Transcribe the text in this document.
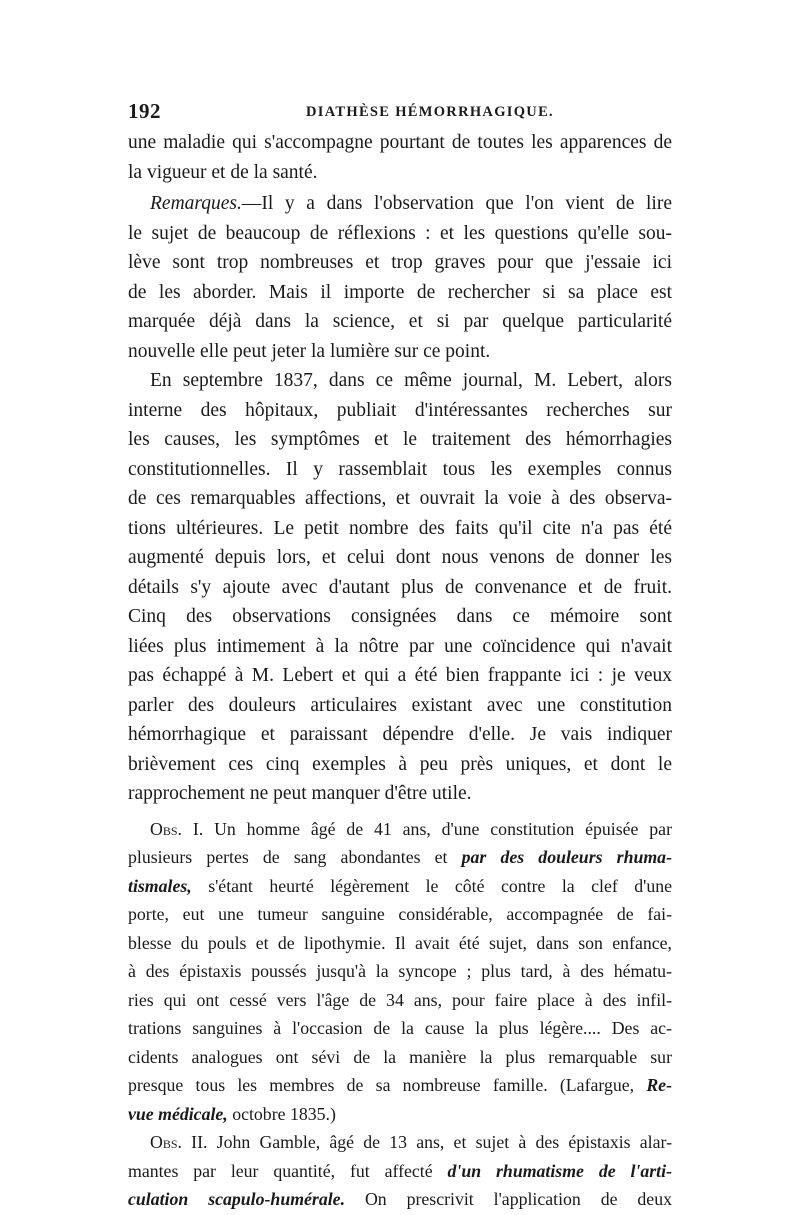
192	DIATHÈSE HÉMORRHAGIQUE.
une maladie qui s'accompagne pourtant de toutes les apparences de
la vigueur et de la santé.
Remarques.—Il y a dans l'observation que l'on vient de lire
le sujet de beaucoup de réflexions : et les questions qu'elle sou-
lève sont trop nombreuses et trop graves pour que j'essaie ici
de les aborder. Mais il importe de rechercher si sa place est
marquée déjà dans la science, et si par quelque particularité
nouvelle elle peut jeter la lumière sur ce point.
En septembre 1837, dans ce même journal, M. Lebert, alors
interne des hôpitaux, publiait d'intéressantes recherches sur
les causes, les symptômes et le traitement des hémorrhagies
constitutionnelles. Il y rassemblait tous les exemples connus
de ces remarquables affections, et ouvrait la voie à des observa-
tions ultérieures. Le petit nombre des faits qu'il cite n'a pas été
augmenté depuis lors, et celui dont nous venons de donner les
détails s'y ajoute avec d'autant plus de convenance et de fruit.
Cinq des observations consignées dans ce mémoire sont
liées plus intimement à la nôtre par une coïncidence qui n'avait
pas échappé à M. Lebert et qui a été bien frappante ici : je veux
parler des douleurs articulaires existant avec une constitution
hémorrhagique et paraissant dépendre d'elle. Je vais indiquer
brièvement ces cinq exemples à peu près uniques, et dont le
rapprochement ne peut manquer d'être utile.
Obs. I. Un homme âgé de 41 ans, d'une constitution épuisée par
plusieurs pertes de sang abondantes et par des douleurs rhuma-
tismales, s'étant heurté légèrement le côté contre la clef d'une
porte, eut une tumeur sanguine considérable, accompagnée de fai-
blesse du pouls et de lipothymie. Il avait été sujet, dans son enfance,
à des épistaxis poussés jusqu'à la syncope ; plus tard, à des hématu-
ries qui ont cessé vers l'âge de 34 ans, pour faire place à des infil-
trations sanguines à l'occasion de la cause la plus légère.... Des ac-
cidents analogues ont sévi de la manière la plus remarquable sur
presque tous les membres de sa nombreuse famille. (Lafargue, Re-
vue médicale, octobre 1835.)
Obs. II. John Gamble, âgé de 13 ans, et sujet à des épistaxis alar-
mantes par leur quantité, fut affecté d'un rhumatisme de l'arti-
culation scapulo-humérale. On prescrivit l'application de deux
